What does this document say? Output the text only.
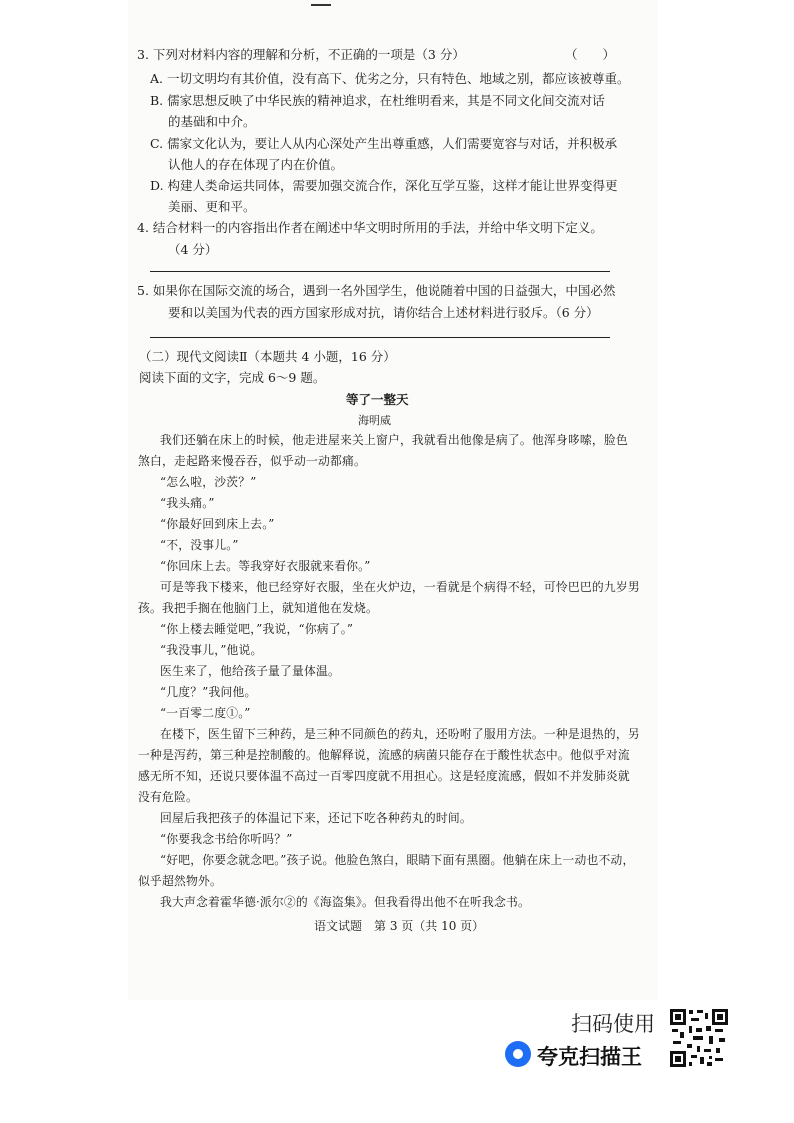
3. 下列对材料内容的理解和分析，不正确的一项是（3 分）	（　　）
A. 一切文明均有其价值，没有高下、优劣之分，只有特色、地域之别，都应该被尊重。
B. 儒家思想反映了中华民族的精神追求，在杜维明看来，其是不同文化间交流对话
的基础和中介。
C. 儒家文化认为，要让人从内心深处产生出尊重感，人们需要宽容与对话，并积极承
认他人的存在体现了内在价值。
D. 构建人类命运共同体，需要加强交流合作，深化互学互鉴，这样才能让世界变得更
美丽、更和平。
4. 结合材料一的内容指出作者在阐述中华文明时所用的手法，并给中华文明下定义。
（4 分）
5. 如果你在国际交流的场合，遇到一名外国学生，他说随着中国的日益强大，中国必然
要和以美国为代表的西方国家形成对抗，请你结合上述材料进行驳斥。（6 分）
（二）现代文阅读Ⅱ（本题共 4 小题，16 分）
阅读下面的文字，完成 6～9 题。
等了一整天
海明威
我们还躺在床上的时候，他走进屋来关上窗户，我就看出他像是病了。他浑身哆嗦，脸色
煞白，走起路来慢吞吞，似乎动一动都痛。
“怎么啦，沙茨？”
“我头痛。”
“你最好回到床上去。”
“不，没事儿。”
“你回床上去。等我穿好衣服就来看你。”
可是等我下楼来，他已经穿好衣服，坐在火炉边，一看就是个病得不轻，可怜巴巴的九岁男
孩。我把手搁在他脑门上，就知道他在发烧。
“你上楼去睡觉吧，”我说，“你病了。”
“我没事儿，”他说。
医生来了，他给孩子量了量体温。
“几度？”我问他。
“一百零二度①。”
在楼下，医生留下三种药，是三种不同颜色的药丸，还吩咐了服用方法。一种是退热的，另
一种是泻药，第三种是控制酸的。他解释说，流感的病菌只能存在于酸性状态中。他似乎对流
感无所不知，还说只要体温不高过一百零四度就不用担心。这是轻度流感，假如不并发肺炎就
没有危险。
回屋后我把孩子的体温记下来，还记下吃各种药丸的时间。
“你要我念书给你听吗？”
“好吧，你要念就念吧。”孩子说。他脸色煞白，眼睛下面有黑圈。他躺在床上一动也不动，
似乎超然物外。
我大声念着霍华德·派尔②的《海盗集》。但我看得出他不在听我念书。
语文试题　第 3 页（共 10 页）
扫码使用
夸克扫描王
